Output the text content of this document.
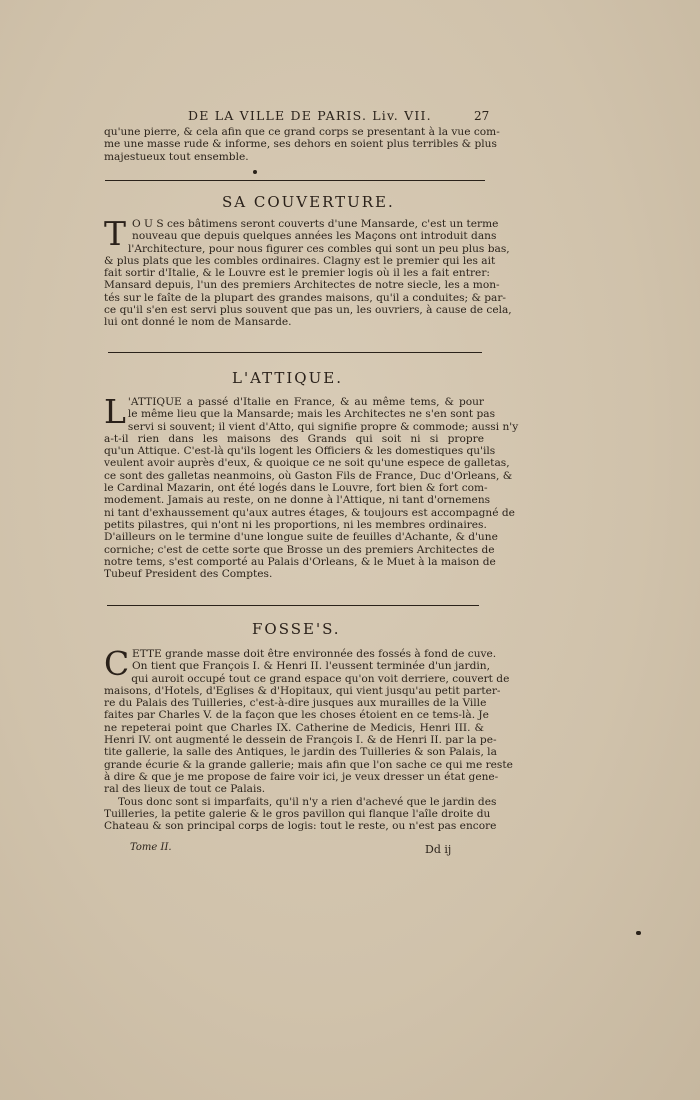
DE LA VILLE DE PARIS. Liv. VII.	27
qu'une pierre, & cela afin que ce grand corps se presentant à la vue com-
me une masse rude & informe, ses dehors en soient plus terribles & plus
majestueux tout ensemble.
SA COUVERTURE.
T O U S ces bâtimens seront couverts d'une Mansarde, c'est un terme
nouveau que depuis quelques années les Maçons ont introduit dans
l'Architecture, pour nous figurer ces combles qui sont un peu plus bas,
& plus plats que les combles ordinaires. Clagny est le premier qui les ait
fait sortir d'Italie, & le Louvre est le premier logis où il les a fait entrer:
Mansard depuis, l'un des premiers Architectes de notre siecle, les a mon-
tés sur le faîte de la plupart des grandes maisons, qu'il a conduites; & par-
ce qu'il s'en est servi plus souvent que pas un, les ouvriers, à cause de cela,
lui ont donné le nom de Mansarde.
L'ATTIQUE.
L 'ATTIQUE a passé d'Italie en France, & au même tems, & pour
le même lieu que la Mansarde; mais les Architectes ne s'en sont pas
servi si souvent; il vient d'Atto, qui signifie propre & commode; aussi n'y
a-t-il rien dans les maisons des Grands qui soit ni si propre
qu'un Attique. C'est-là qu'ils logent les Officiers & les domestiques qu'ils
veulent avoir auprès d'eux, & quoique ce ne soit qu'une espece de galletas,
ce sont des galletas neanmoins, où Gaston Fils de France, Duc d'Orleans, &
le Cardinal Mazarin, ont été logés dans le Louvre, fort bien & fort com-
modement. Jamais au reste, on ne donne à l'Attique, ni tant d'ornemens
ni tant d'exhaussement qu'aux autres étages, & toujours est accompagné de
petits pilastres, qui n'ont ni les proportions, ni les membres ordinaires.
D'ailleurs on le termine d'une longue suite de feuilles d'Achante, & d'une
corniche; c'est de cette sorte que Brosse un des premiers Architectes de
notre tems, s'est comporté au Palais d'Orleans, & le Muet à la maison de
Tubeuf President des Comptes.
FOSSE'S.
C ETTE grande masse doit être environnée des fossés à fond de cuve.
On tient que François I. & Henri II. l'eussent terminée d'un jardin,
qui auroit occupé tout ce grand espace qu'on voit derriere, couvert de
maisons, d'Hotels, d'Eglises & d'Hopitaux, qui vient jusqu'au petit parter-
re du Palais des Tuilleries, c'est-à-dire jusques aux murailles de la Ville
faites par Charles V. de la façon que les choses étoient en ce tems-là. Je
ne repeterai point que Charles IX. Catherine de Medicis, Henri III. &
Henri IV. ont augmenté le dessein de François I. & de Henri II. par la pe-
tite gallerie, la salle des Antiques, le jardin des Tuilleries & son Palais, la
grande écurie & la grande gallerie; mais afin que l'on sache ce qui me reste
à dire & que je me propose de faire voir ici, je veux dresser un état gene-
ral des lieux de tout ce Palais.
Tous donc sont si imparfaits, qu'il n'y a rien d'achevé que le jardin des
Tuilleries, la petite galerie & le gros pavillon qui flanque l'aîle droite du
Chateau & son principal corps de logis: tout le reste, ou n'est pas encore
Tome II.	Dd ij
